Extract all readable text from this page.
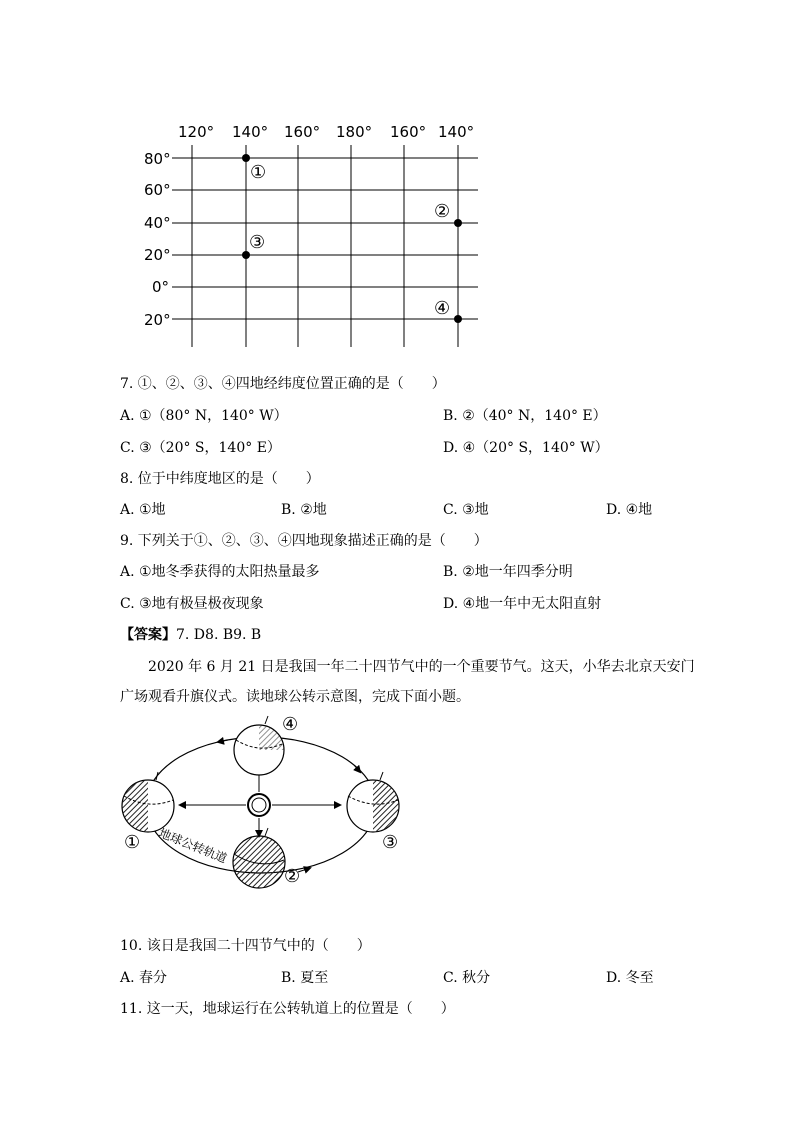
120° 140° 160° 180° 160° 140°
80°
60°
40°
20°
0°
20°
①
②
③
④
7. ①、②、③、④四地经纬度位置正确的是（　　）
A. ①（80° N，140° W）	B. ②（40° N，140° E）
C. ③（20° S，140° E）	D. ④（20° S，140° W）
8. 位于中纬度地区的是（　　）
A. ①地	B. ②地	C. ③地	D. ④地
9. 下列关于①、②、③、④四地现象描述正确的是（　　）
A. ①地冬季获得的太阳热量最多	B. ②地一年四季分明
C. ③地有极昼极夜现象	D. ④地一年中无太阳直射
【答案】7. D8. B9. B
2020 年 6 月 21 日是我国一年二十四节气中的一个重要节气。这天，小华去北京天安门
广场观看升旗仪式。读地球公转示意图，完成下面小题。
④
①	③
②
地球公转轨道
10. 该日是我国二十四节气中的（　　）
A. 春分	B. 夏至	C. 秋分	D. 冬至
11. 这一天，地球运行在公转轨道上的位置是（　　）
